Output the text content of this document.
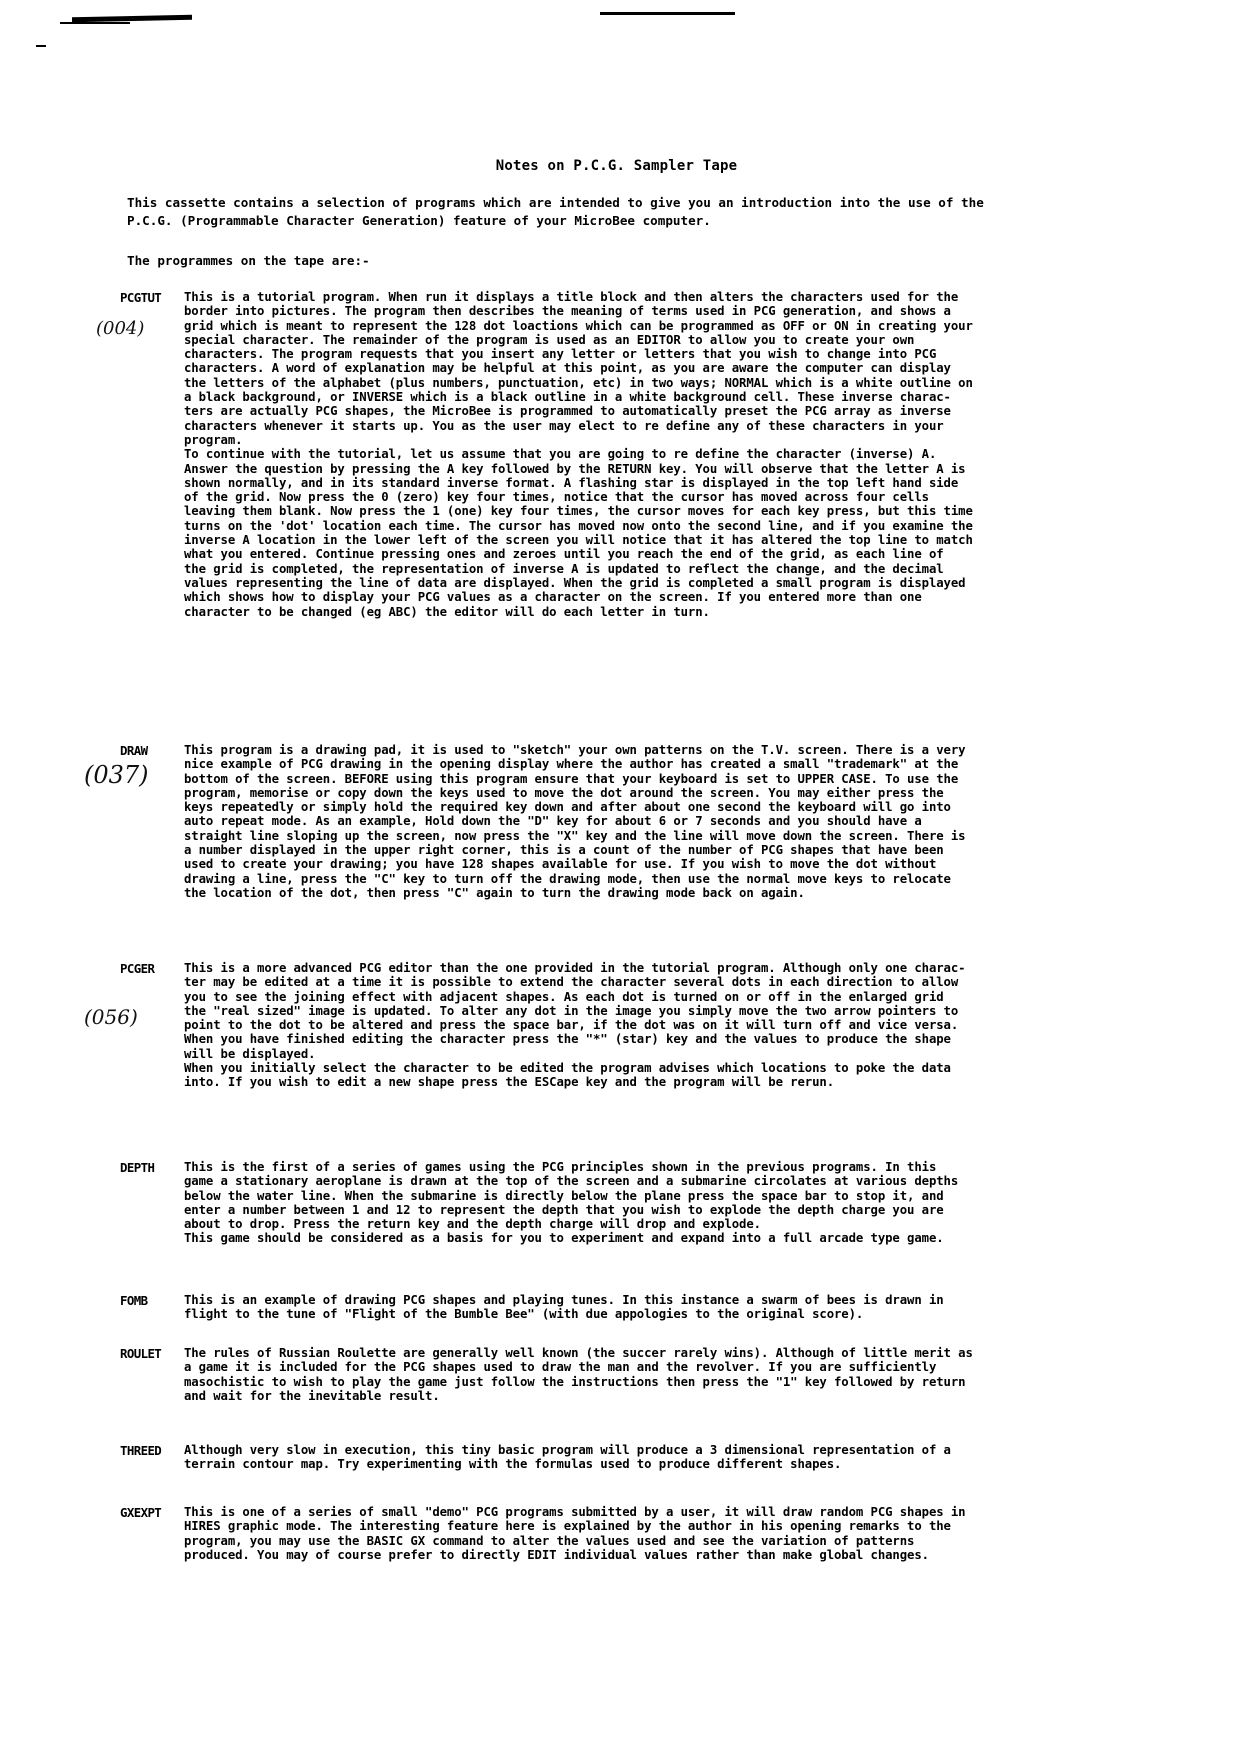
Notes on P.C.G. Sampler Tape

This cassette contains a selection of programs which are intended to give you an introduction into the use of the
P.C.G. (Programmable Character Generation) feature of your MicroBee computer.

The programmes on the tape are:-

PCGTUT This is a tutorial program. When run it displays a title block and then alters the characters used for the
border into pictures. The program then describes the meaning of terms used in PCG generation, and shows a
grid which is meant to represent the 128 dot loactions which can be programmed as OFF or ON in creating your
special character. The remainder of the program is used as an EDITOR to allow you to create your own
characters. The program requests that you insert any letter or letters that you wish to change into PCG
characters. A word of explanation may be helpful at this point, as you are aware the computer can display
the letters of the alphabet (plus numbers, punctuation, etc) in two ways; NORMAL which is a white outline on
a black background, or INVERSE which is a black outline in a white background cell. These inverse charac-
ters are actually PCG shapes, the MicroBee is programmed to automatically preset the PCG array as inverse
characters whenever it starts up. You as the user may elect to re define any of these characters in your
program.
To continue with the tutorial, let us assume that you are going to re define the character (inverse) A.
Answer the question by pressing the A key followed by the RETURN key. You will observe that the letter A is
shown normally, and in its standard inverse format. A flashing star is displayed in the top left hand side
of the grid. Now press the 0 (zero) key four times, notice that the cursor has moved across four cells
leaving them blank. Now press the 1 (one) key four times, the cursor moves for each key press, but this time
turns on the 'dot' location each time. The cursor has moved now onto the second line, and if you examine the
inverse A location in the lower left of the screen you will notice that it has altered the top line to match
what you entered. Continue pressing ones and zeroes until you reach the end of the grid, as each line of
the grid is completed, the representation of inverse A is updated to reflect the change, and the decimal
values representing the line of data are displayed. When the grid is completed a small program is displayed
which shows how to display your PCG values as a character on the screen. If you entered more than one
character to be changed (eg ABC) the editor will do each letter in turn.

(004)
DRAW	This program is a drawing pad, it is used to "sketch" your own patterns on the T.V. screen. There is a very
nice example of PCG drawing in the opening display where the author has created a small "trademark" at the
bottom of the screen. BEFORE using this program ensure that your keyboard is set to UPPER CASE. To use the
program, memorise or copy down the keys used to move the dot around the screen. You may either press the
keys repeatedly or simply hold the required key down and after about one second the keyboard will go into
auto repeat mode. As an example, Hold down the "D" key for about 6 or 7 seconds and you should have a
straight line sloping up the screen, now press the "X" key and the line will move down the screen. There is
a number displayed in the upper right corner, this is a count of the number of PCG shapes that have been
used to create your drawing; you have 128 shapes available for use. If you wish to move the dot without
drawing a line, press the "C" key to turn off the drawing mode, then use the normal move keys to relocate
the location of the dot, then press "C" again to turn the drawing mode back on again.

(037)
PCGER This is a more advanced PCG editor than the one provided in the tutorial program. Although only one charac-
ter may be edited at a time it is possible to extend the character several dots in each direction to allow
you to see the joining effect with adjacent shapes. As each dot is turned on or off in the enlarged grid
the "real sized" image is updated. To alter any dot in the image you simply move the two arrow pointers to
point to the dot to be altered and press the space bar, if the dot was on it will turn off and vice versa.
When you have finished editing the character press the "*" (star) key and the values to produce the shape
will be displayed.
When you initially select the character to be edited the program advises which locations to poke the data
into. If you wish to edit a new shape press the ESCape key and the program will be rerun.

(056)
DEPTH This is the first of a series of games using the PCG principles shown in the previous programs. In this
game a stationary aeroplane is drawn at the top of the screen and a submarine circolates at various depths
below the water line. When the submarine is directly below the plane press the space bar to stop it, and
enter a number between 1 and 12 to represent the depth that you wish to explode the depth charge you are
about to drop. Press the return key and the depth charge will drop and explode.
This game should be considered as a basis for you to experiment and expand into a full arcade type game.

FOMB	This is an example of drawing PCG shapes and playing tunes. In this instance a swarm of bees is drawn in
flight to the tune of "Flight of the Bumble Bee" (with due appologies to the original score).

ROULET The rules of Russian Roulette are generally well known (the succer rarely wins). Although of little merit as
a game it is included for the PCG shapes used to draw the man and the revolver. If you are sufficiently
masochistic to wish to play the game just follow the instructions then press the "1" key followed by return
and wait for the inevitable result.

THREED Although very slow in execution, this tiny basic program will produce a 3 dimensional representation of a
terrain contour map. Try experimenting with the formulas used to produce different shapes.

GXEXPT This is one of a series of small "demo" PCG programs submitted by a user, it will draw random PCG shapes in
HIRES graphic mode. The interesting feature here is explained by the author in his opening remarks to the
program, you may use the BASIC GX command to alter the values used and see the variation of patterns
produced. You may of course prefer to directly EDIT individual values rather than make global changes.
